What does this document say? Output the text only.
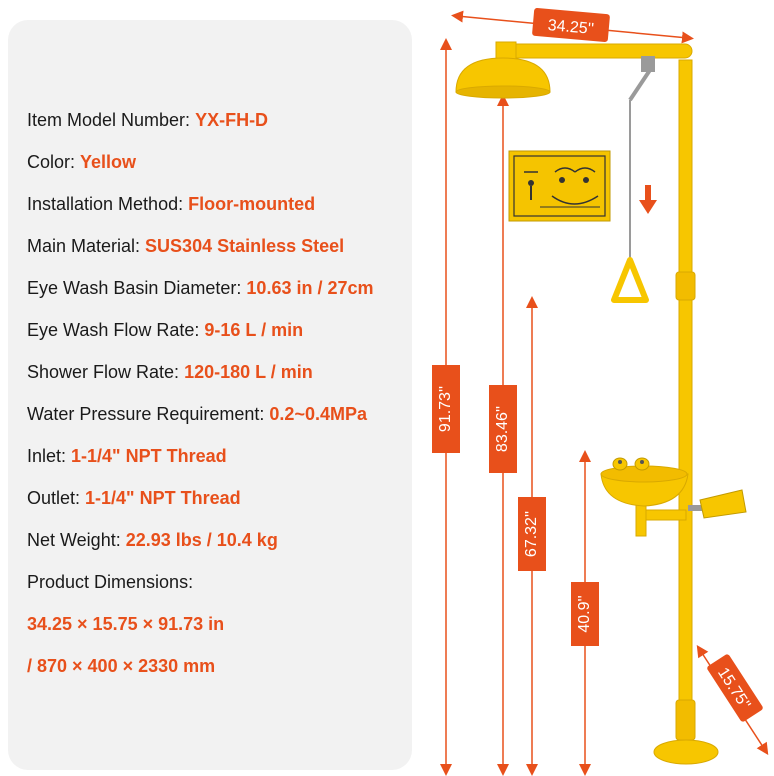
Item Model Number: YX-FH-D
Color: Yellow
Installation Method: Floor-mounted
Main Material: SUS304 Stainless Steel
Eye Wash Basin Diameter: 10.63 in / 27cm
Eye Wash Flow Rate: 9-16 L / min
Shower Flow Rate: 120-180 L / min
Water Pressure Requirement: 0.2~0.4MPa
Inlet: 1-1/4" NPT Thread
Outlet: 1-1/4" NPT Thread
Net Weight: 22.93 lbs / 10.4 kg
Product Dimensions:
34.25 × 15.75 × 91.73 in
/ 870 × 400 × 2330 mm
34.25''
91.73'' 83.46''
67.32''
40.9''
15.75''
